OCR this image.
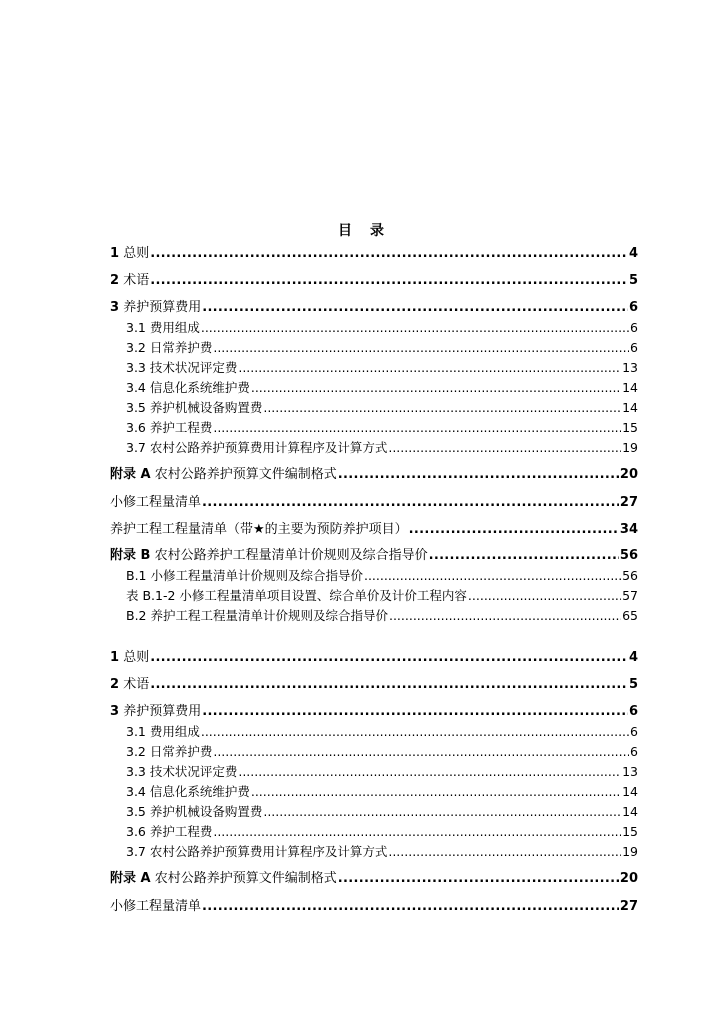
目　录
1 总则 .....	4
2 术语 .....	5
3 养护预算费用 .....	6
3.1 费用组成 .....	6
3.2 日常养护费 .....	6
3.3 技术状况评定费 .....	13
3.4 信息化系统维护费 .....	14
3.5 养护机械设备购置费 .....	14
3.6 养护工程费 .....	15
3.7 农村公路养护预算费用计算程序及计算方式 .....	19
附录 A 农村公路养护预算文件编制格式 .....	20
小修工程量清单 .....	27
养护工程工程量清单（带★的主要为预防养护项目） .....	34
附录 B 农村公路养护工程量清单计价规则及综合指导价 .....	56
B.1 小修工程量清单计价规则及综合指导价 .....	56
表 B.1-2 小修工程量清单项目设置、综合单价及计价工程内容 .....	57
B.2 养护工程工程量清单计价规则及综合指导价 .....	65
1 总则 .....	4
2 术语 .....	5
3 养护预算费用 .....	6
3.1 费用组成 .....	6
3.2 日常养护费 .....	6
3.3 技术状况评定费 .....	13
3.4 信息化系统维护费 .....	14
3.5 养护机械设备购置费 .....	14
3.6 养护工程费 .....	15
3.7 农村公路养护预算费用计算程序及计算方式 .....	19
附录 A 农村公路养护预算文件编制格式 .....	20
小修工程量清单 .....	27
